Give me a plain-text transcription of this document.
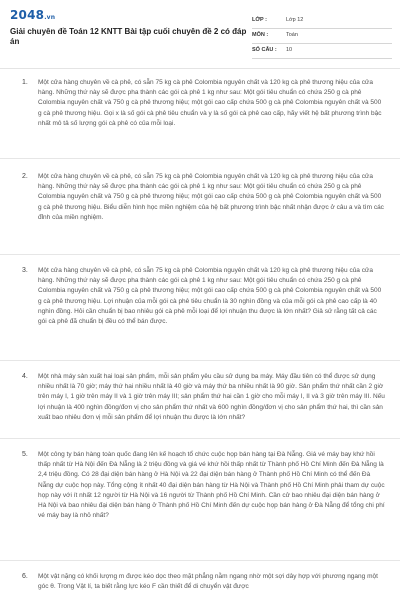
2048.vn
Giải chuyên đề Toán 12 KNTT Bài tập cuối chuyên đề 2 có đáp án
LỚP :	Lớp 12
MÔN :	Toán
SỐ CÂU : 10
1. Một cửa hàng chuyên về cà phê, có sẵn 75 kg cà phê Colombia nguyên chất và 120 kg cà phê thương hiệu của cửa hàng. Những thứ này sẽ được pha thành các gói cà phê 1 kg như sau: Một gói tiêu chuẩn có chứa 250 g cà phê Colombia nguyên chất và 750 g cà phê thương hiệu; một gói cao cấp chứa 500 g cà phê Colombia nguyên chất và 500 g cà phê thương hiệu. Gọi x là số gói cà phê tiêu chuẩn và y là số gói cà phê cao cấp, hãy viết hệ bất phương trình bậc nhất mô tả số lượng gói cà phê có của mỗi loại.
2. Một cửa hàng chuyên về cà phê, có sẵn 75 kg cà phê Colombia nguyên chất và 120 kg cà phê thương hiệu của cửa hàng. Những thứ này sẽ được pha thành các gói cà phê 1 kg như sau: Một gói tiêu chuẩn có chứa 250 g cà phê Colombia nguyên chất và 750 g cà phê thương hiệu; một gói cao cấp chứa 500 g cà phê Colombia nguyên chất và 500 g cà phê thương hiệu. Biểu diễn hình học miền nghiệm của hệ bất phương trình bậc nhất nhận được ở câu a và tìm các đỉnh của miền nghiệm.
3. Một cửa hàng chuyên về cà phê, có sẵn 75 kg cà phê Colombia nguyên chất và 120 kg cà phê thương hiệu của cửa hàng. Những thứ này sẽ được pha thành các gói cà phê 1 kg như sau: Một gói tiêu chuẩn có chứa 250 g cà phê Colombia nguyên chất và 750 g cà phê thương hiệu; một gói cao cấp chứa 500 g cà phê Colombia nguyên chất và 500 g cà phê thương hiệu. Lợi nhuận của mỗi gói cà phê tiêu chuẩn là 30 nghìn đồng và của mỗi gói cà phê cao cấp là 40 nghìn đồng. Hỏi cần chuẩn bị bao nhiêu gói cà phê mỗi loại để lợi nhuận thu được là lớn nhất? Giả sử rằng tất cả các gói cà phê đã chuẩn bị đều có thể bán được.
4. Một nhà máy sản xuất hai loại sản phẩm, mỗi sản phẩm yêu cầu sử dụng ba máy. Máy đầu tiên có thể được sử dụng nhiều nhất là 70 giờ; máy thứ hai nhiều nhất là 40 giờ và máy thứ ba nhiều nhất là 90 giờ. Sản phẩm thứ nhất cần 2 giờ trên máy I, 1 giờ trên máy II và 1 giờ trên máy III; sản phẩm thứ hai cần 1 giờ cho mỗi máy I, II và 3 giờ trên máy III. Nếu lợi nhuận là 400 nghìn đồng/đơn vị cho sản phẩm thứ nhất và 600 nghìn đồng/đơn vị cho sản phẩm thứ hai, thì cần sản xuất bao nhiêu đơn vị mỗi sản phẩm để lợi nhuận thu được là lớn nhất?
5. Một công ty bán hàng toàn quốc đang lên kế hoạch tổ chức cuộc họp bán hàng tại Đà Nẵng. Giá vé máy bay khứ hồi thấp nhất từ Hà Nội đến Đà Nẵng là 2 triệu đồng và giá vé khứ hồi thấp nhất từ Thành phố Hồ Chí Minh đến Đà Nẵng là 2,4 triệu đồng. Có 28 đại diện bán hàng ở Hà Nội và 22 đại diện bán hàng ở Thành phố Hồ Chí Minh có thể đến Đà Nẵng dự cuộc họp này. Tổng cộng ít nhất 40 đại diện bán hàng từ Hà Nội và Thành phố Hồ Chí Minh phải tham dự cuộc họp này với ít nhất 12 người từ Hà Nội và 16 người từ Thành phố Hồ Chí Minh. Cần cử bao nhiêu đại diện bán hàng ở Hà Nội và bao nhiêu đại diện bán hàng ở Thành phố Hồ Chí Minh đến dự cuộc họp bán hàng ở Đà Nẵng để tổng chi phí vé máy bay là nhỏ nhất?
6. Một vật nặng có khối lượng m được kéo dọc theo mặt phẳng nằm ngang nhờ một sợi dây hợp với phương ngang một góc θ. Trong Vật lí, ta biết rằng lực kéo F cần thiết để di chuyển vật được
